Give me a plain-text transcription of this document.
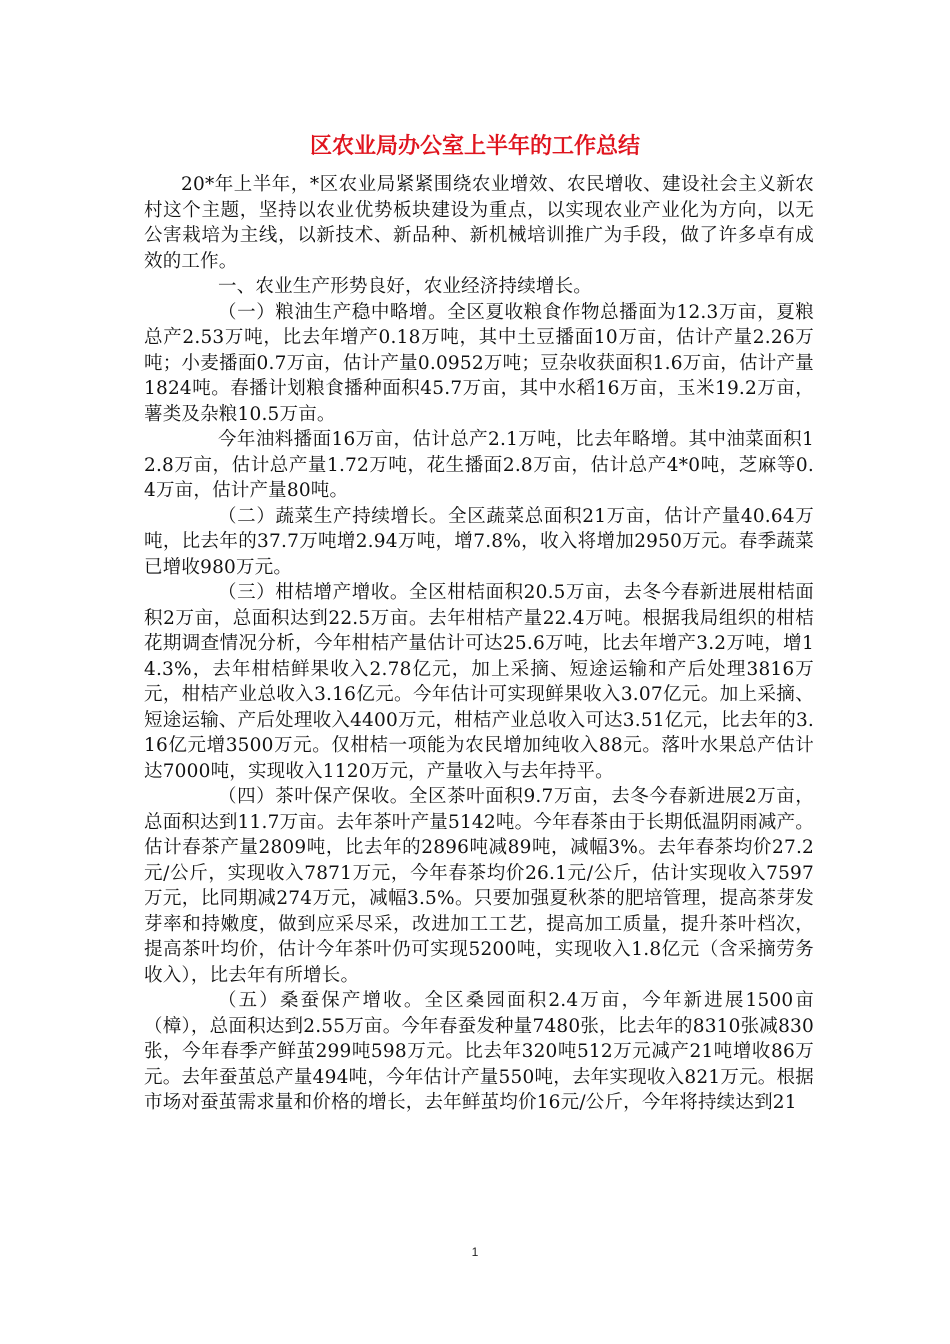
区农业局办公室上半年的工作总结

20*年上半年，*区农业局紧紧围绕农业增效、农民增收、建设社会主义新农村这个主题，坚持以农业优势板块建设为重点，以实现农业产业化为方向，以无公害栽培为主线，以新技术、新品种、新机械培训推广为手段，做了许多卓有成效的工作。

一、农业生产形势良好，农业经济持续增长。

（一）粮油生产稳中略增。全区夏收粮食作物总播面为12.3万亩，夏粮总产2.53万吨，比去年增产0.18万吨，其中土豆播面10万亩，估计产量2.26万吨；小麦播面0.7万亩，估计产量0.0952万吨；豆杂收获面积1.6万亩，估计产量1824吨。春播计划粮食播种面积45.7万亩，其中水稻16万亩，玉米19.2万亩，薯类及杂粮10.5万亩。

今年油料播面16万亩，估计总产2.1万吨，比去年略增。其中油菜面积12.8万亩，估计总产量1.72万吨，花生播面2.8万亩，估计总产4*0吨，芝麻等0.4万亩，估计产量80吨。

（二）蔬菜生产持续增长。全区蔬菜总面积21万亩，估计产量40.64万吨，比去年的37.7万吨增2.94万吨，增7.8%，收入将增加2950万元。春季蔬菜已增收980万元。

（三）柑桔增产增收。全区柑桔面积20.5万亩，去冬今春新进展柑桔面积2万亩，总面积达到22.5万亩。去年柑桔产量22.4万吨。根据我局组织的柑桔花期调查情况分析，今年柑桔产量估计可达25.6万吨，比去年增产3.2万吨，增14.3%，去年柑桔鲜果收入2.78亿元，加上采摘、短途运输和产后处理3816万元，柑桔产业总收入3.16亿元。今年估计可实现鲜果收入3.07亿元。加上采摘、短途运输、产后处理收入4400万元，柑桔产业总收入可达3.51亿元，比去年的3.16亿元增3500万元。仅柑桔一项能为农民增加纯收入88元。落叶水果总产估计达7000吨，实现收入1120万元，产量收入与去年持平。

（四）茶叶保产保收。全区茶叶面积9.7万亩，去冬今春新进展2万亩，总面积达到11.7万亩。去年茶叶产量5142吨。今年春茶由于长期低温阴雨减产。估计春茶产量2809吨，比去年的2896吨减89吨，减幅3%。去年春茶均价27.2元/公斤，实现收入7871万元，今年春茶均价26.1元/公斤，估计实现收入7597万元，比同期减274万元，减幅3.5%。只要加强夏秋茶的肥培管理，提高茶芽发芽率和持嫩度，做到应采尽采，改进加工工艺，提高加工质量，提升茶叶档次，提高茶叶均价，估计今年茶叶仍可实现5200吨，实现收入1.8亿元（含采摘劳务收入），比去年有所增长。

（五）桑蚕保产增收。全区桑园面积2.4万亩，今年新进展1500亩（樟），总面积达到2.55万亩。今年春蚕发种量7480张，比去年的8310张减830张，今年春季产鲜茧299吨598万元。比去年320吨512万元减产21吨增收86万元。去年蚕茧总产量494吨，今年估计产量550吨，去年实现收入821万元。根据市场对蚕茧需求量和价格的增长，去年鲜茧均价16元/公斤，今年将持续达到21

1
